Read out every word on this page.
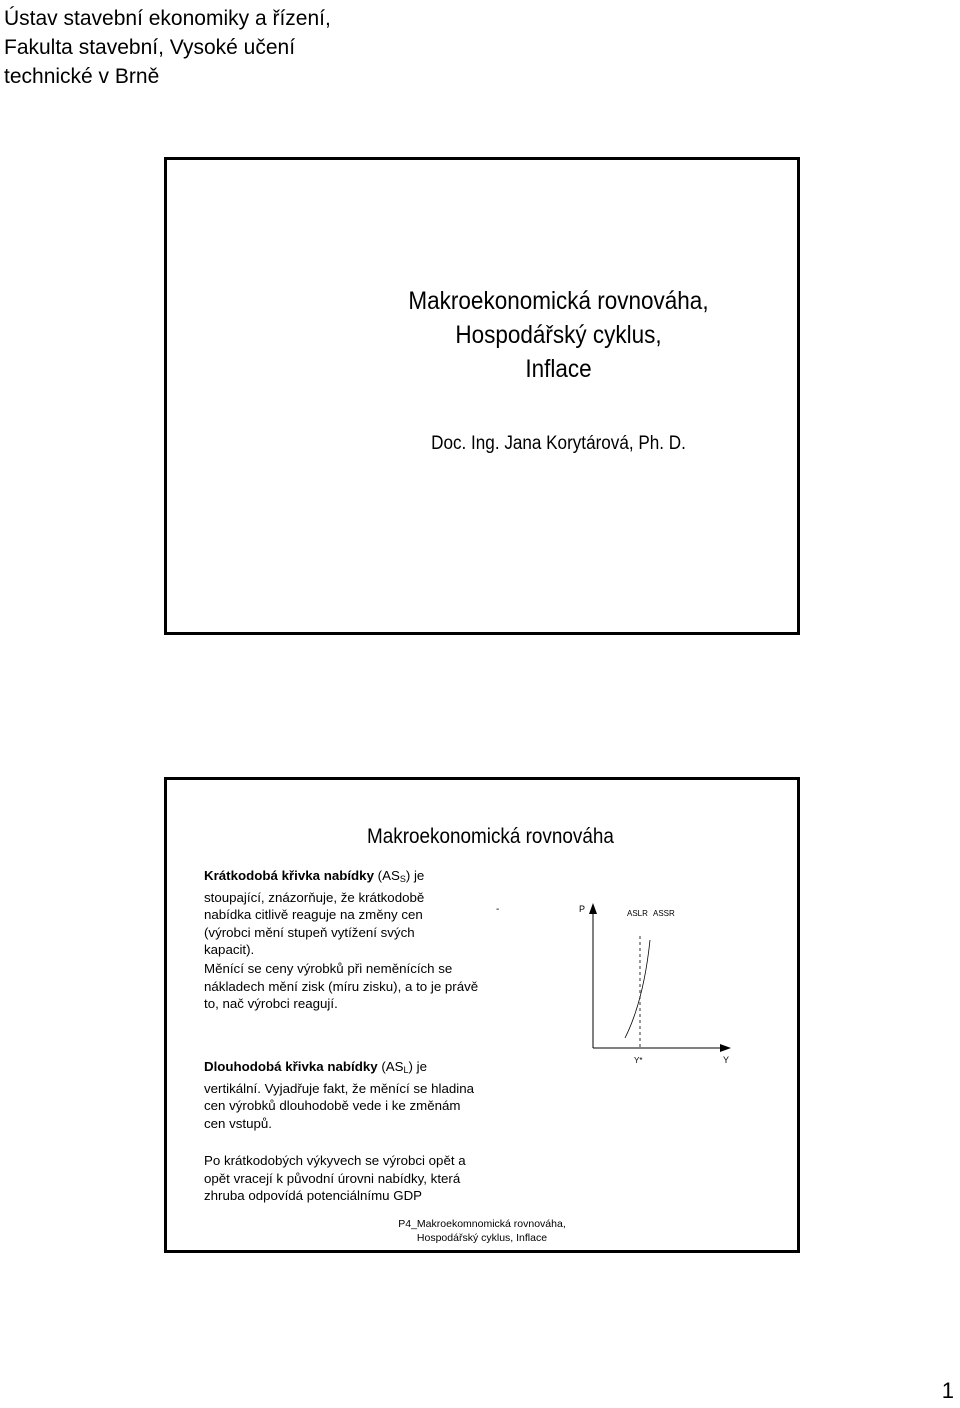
Ústav stavební ekonomiky a řízení,
Fakulta stavební, Vysoké učení
technické v Brně
Makroekonomická rovnováha,
Hospodářský cyklus,
Inflace
Doc. Ing. Jana Korytárová, Ph. D.
Makroekonomická rovnováha
Krátkodobá křivka nabídky $(AS_S)$ je stoupající, znázorňuje, že krátkodobě nabídka citlivě reaguje na změny cen (výrobci mění stupeň vytížení svých kapacit).
Měnící se ceny výrobků při neměnících se nákladech mění zisk (míru zisku), a to je právě to, nač výrobci reagují.
Dlouhodobá křivka nabídky $(AS_L)$ je vertikální. Vyjadřuje fakt, že měnící se hladina cen výrobků dlouhodobě vede i ke změnám cen vstupů.
Po krátkodobých výkyvech se výrobci opět a opět vracejí k původní úrovni nabídky, která zhruba odpovídá potenciálnímu GDP
-	P	ASLR ASSR
Y*	Y
P4_Makroekomnomická rovnováha,
Hospodářský cyklus, Inflace
1
